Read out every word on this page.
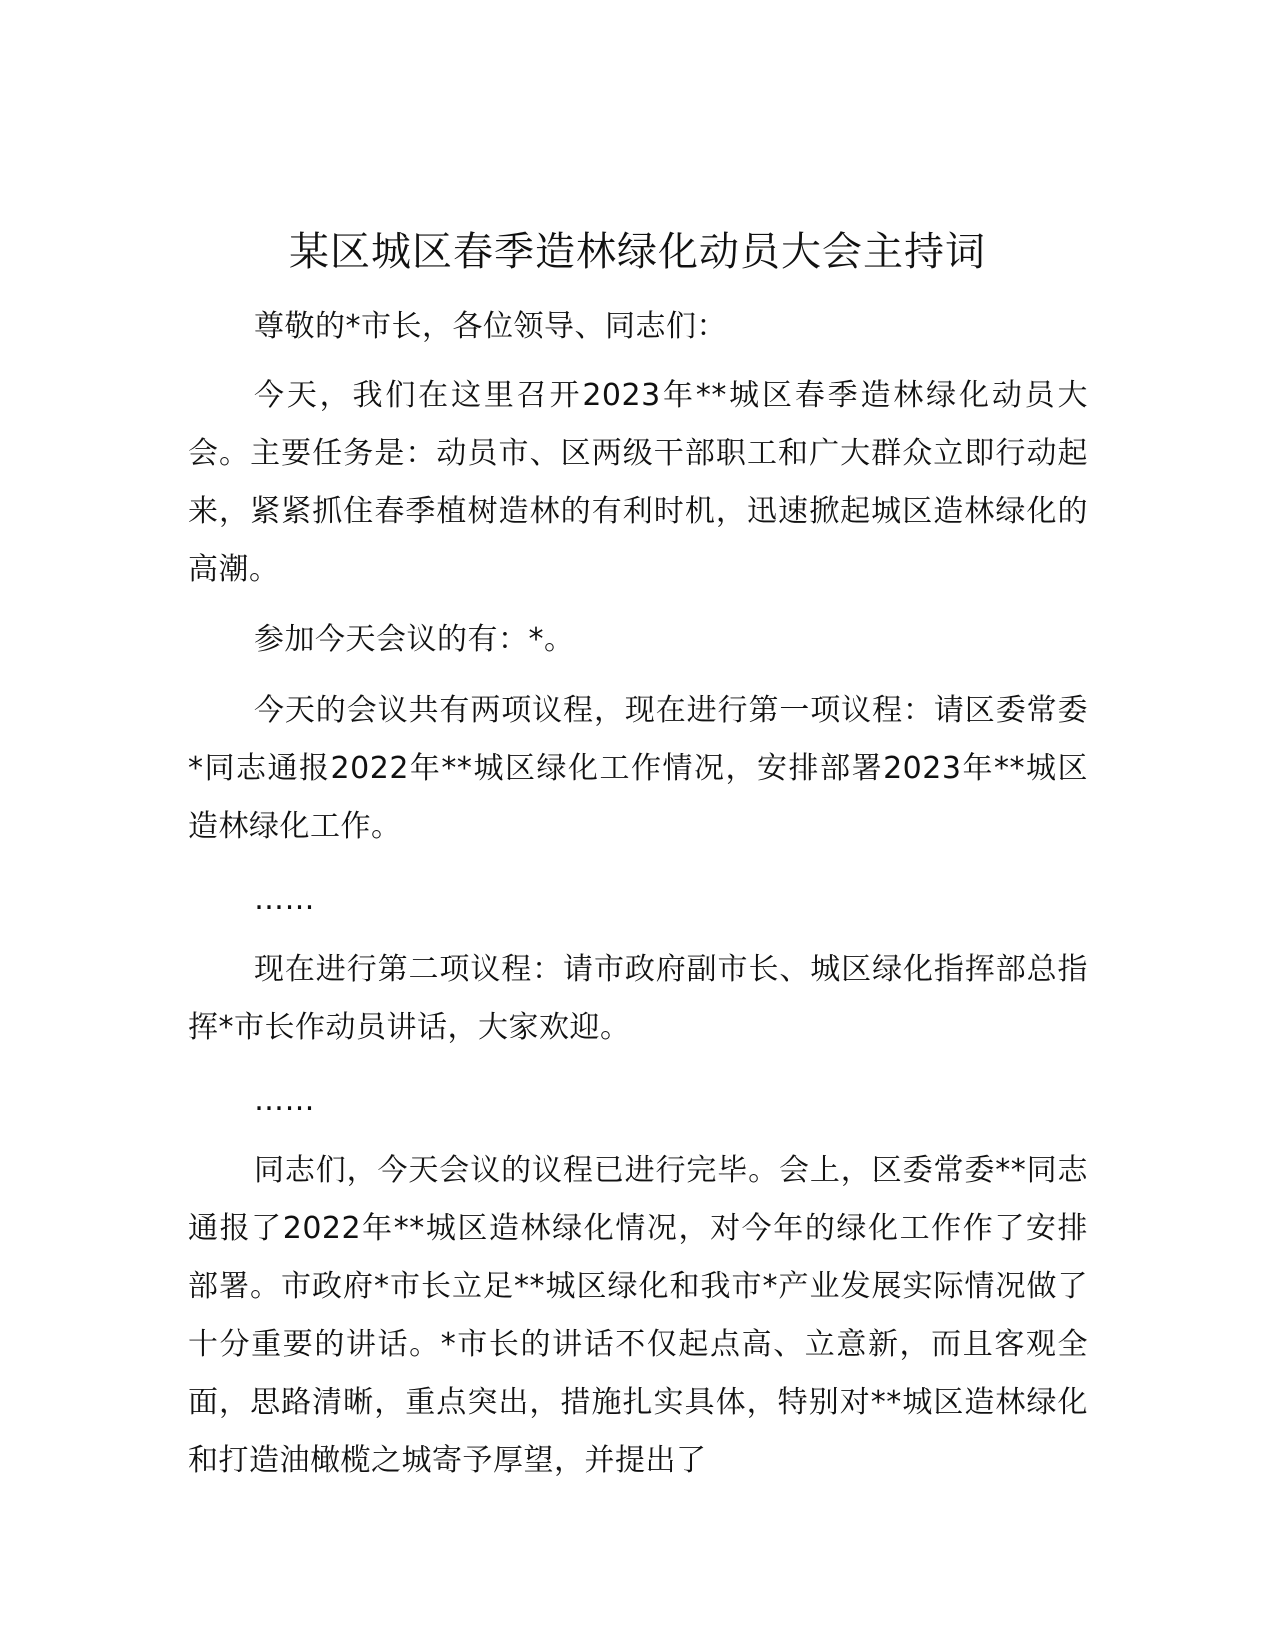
某区城区春季造林绿化动员大会主持词

尊敬的*市长，各位领导、同志们：

今天，我们在这里召开2023年**城区春季造林绿化动员大会。主要任务是：动员市、区两级干部职工和广大群众立即行动起来，紧紧抓住春季植树造林的有利时机，迅速掀起城区造林绿化的高潮。

参加今天会议的有：*。

今天的会议共有两项议程，现在进行第一项议程：请区委常委*同志通报2022年**城区绿化工作情况，安排部署2023年**城区造林绿化工作。

……

现在进行第二项议程：请市政府副市长、城区绿化指挥部总指挥*市长作动员讲话，大家欢迎。

……

同志们，今天会议的议程已进行完毕。会上，区委常委**同志通报了2022年**城区造林绿化情况，对今年的绿化工作作了安排部署。市政府*市长立足**城区绿化和我市*产业发展实际情况做了十分重要的讲话。*市长的讲话不仅起点高、立意新，而且客观全面，思路清晰，重点突出，措施扎实具体，特别对**城区造林绿化和打造油橄榄之城寄予厚望，并提出了
